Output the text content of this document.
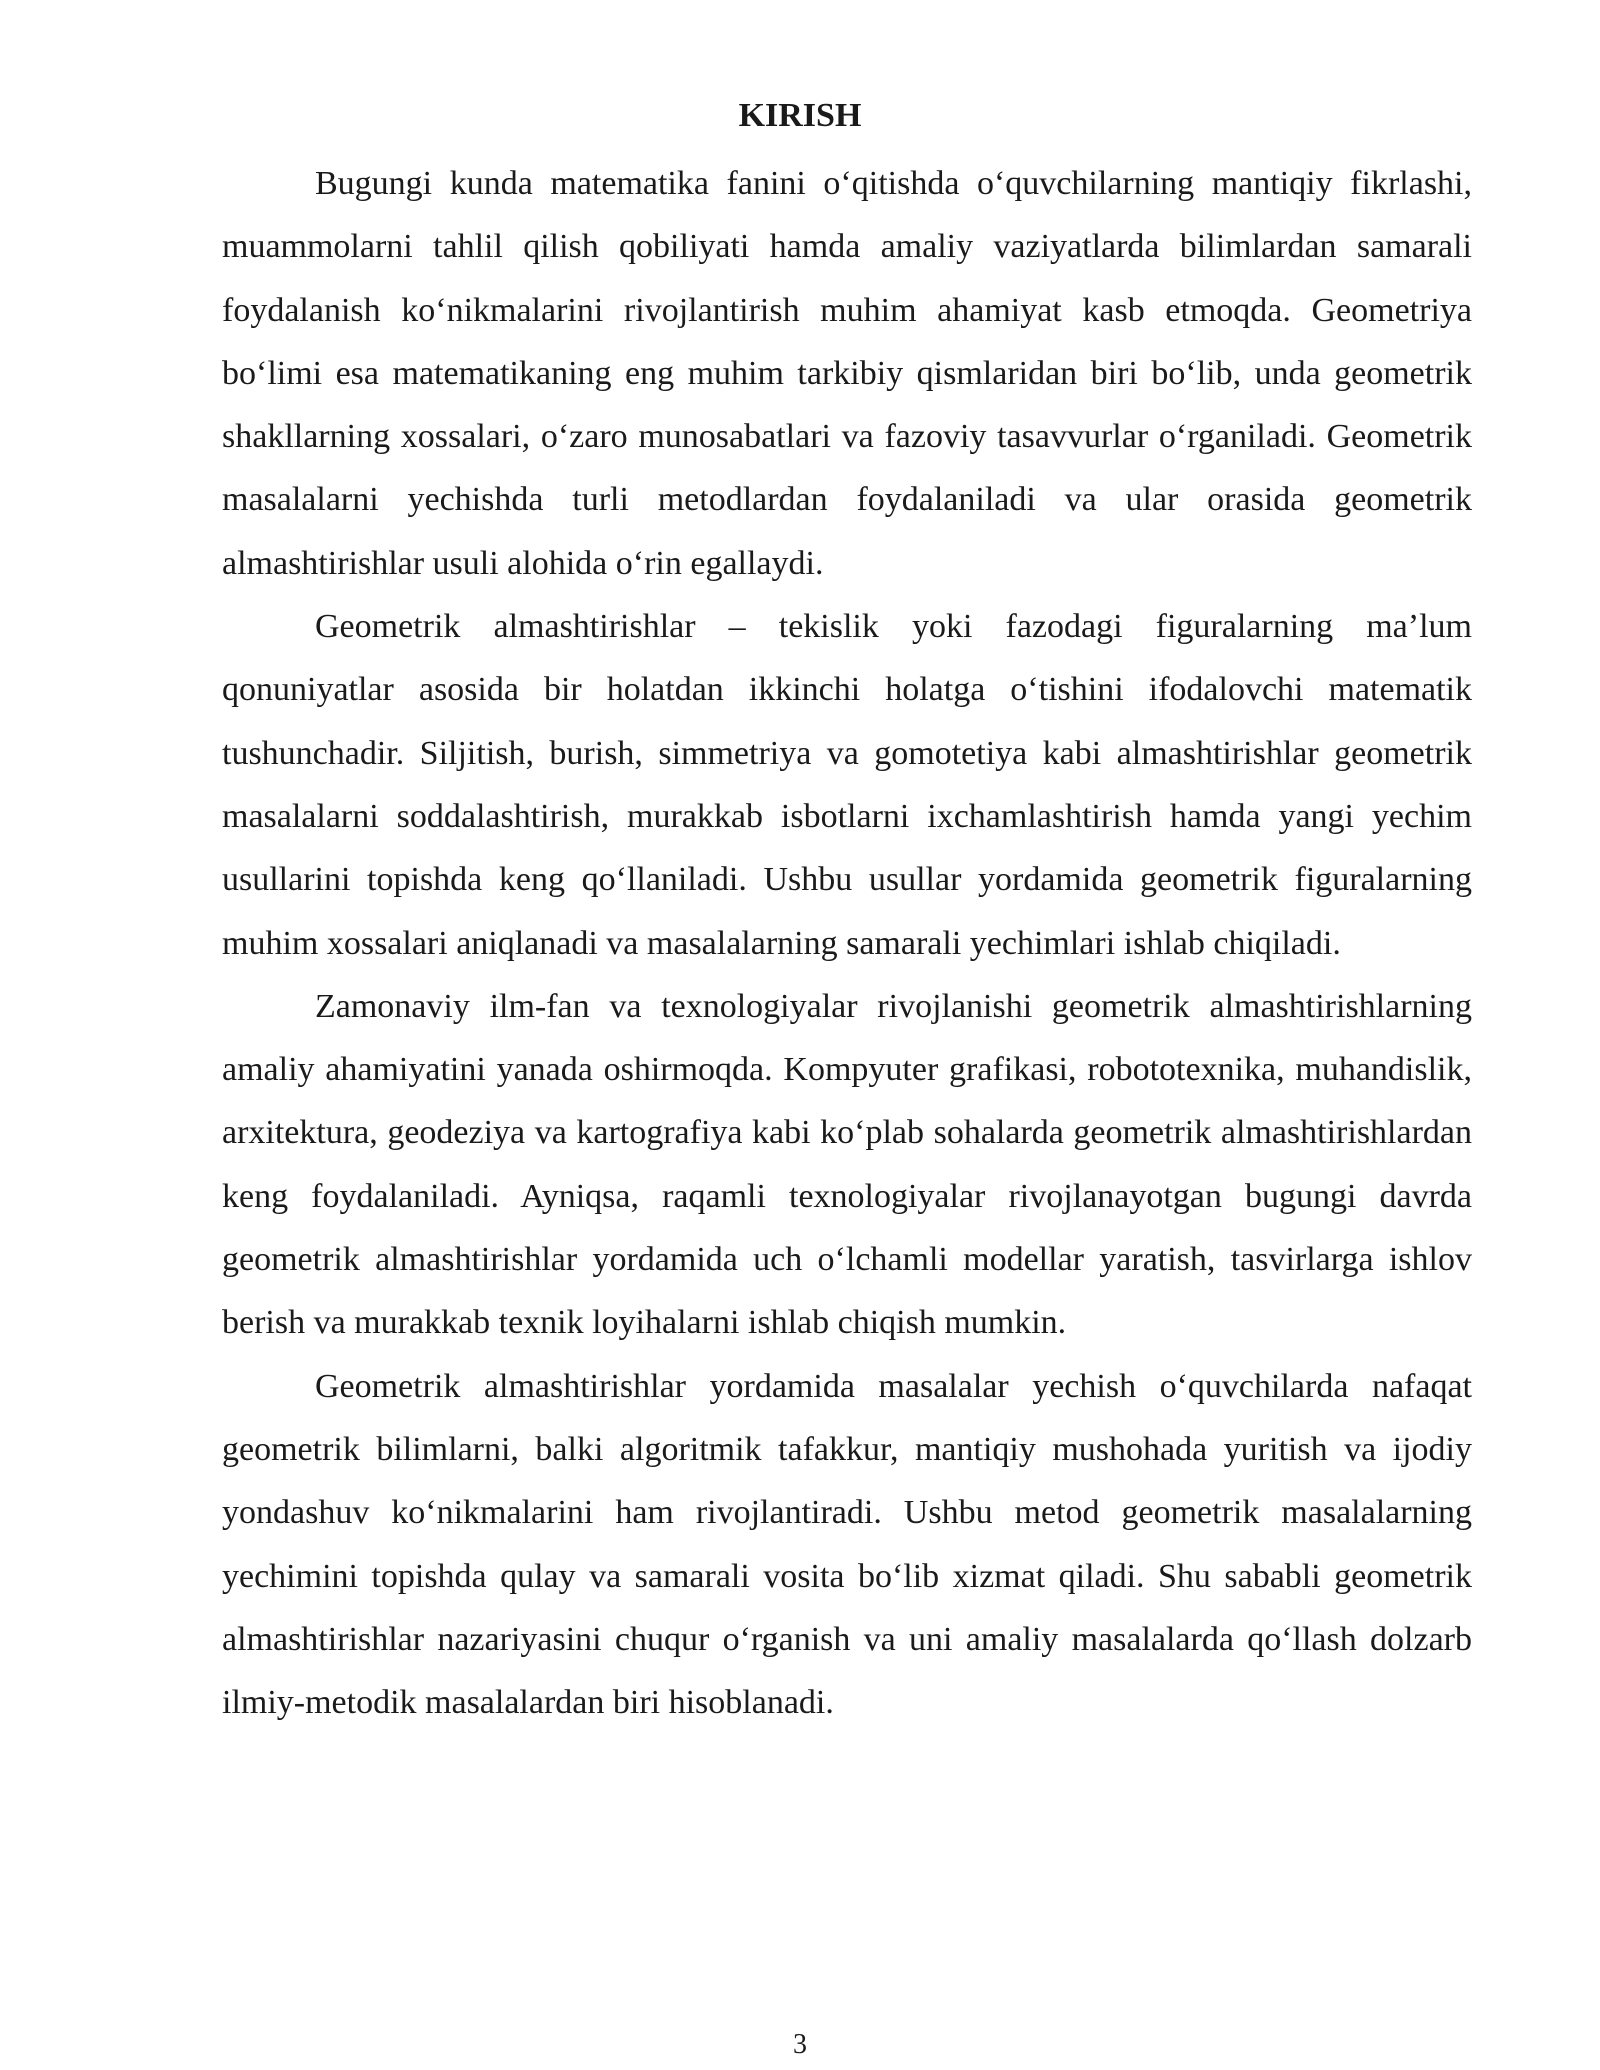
KIRISH

Bugungi kunda matematika fanini o‘qitishda o‘quvchilarning mantiqiy fikrlashi, muammolarni tahlil qilish qobiliyati hamda amaliy vaziyatlarda bilimlardan samarali foydalanish ko‘nikmalarini rivojlantirish muhim ahamiyat kasb etmoqda. Geometriya bo‘limi esa matematikaning eng muhim tarkibiy qismlaridan biri bo‘lib, unda geometrik shakllarning xossalari, o‘zaro munosabatlari va fazoviy tasavvurlar o‘rganiladi. Geometrik masalalarni yechishda turli metodlardan foydalaniladi va ular orasida geometrik almashtirishlar usuli alohida o‘rin egallaydi.

Geometrik almashtirishlar – tekislik yoki fazodagi figuralarning ma’lum qonuniyatlar asosida bir holatdan ikkinchi holatga o‘tishini ifodalovchi matematik tushunchadir. Siljitish, burish, simmetriya va gomotetiya kabi almashtirishlar geometrik masalalarni soddalashtirish, murakkab isbotlarni ixchamlashtirish hamda yangi yechim usullarini topishda keng qo‘llaniladi. Ushbu usullar yordamida geometrik figuralarning muhim xossalari aniqlanadi va masalalarning samarali yechimlari ishlab chiqiladi.

Zamonaviy ilm-fan va texnologiyalar rivojlanishi geometrik almashtirishlarning amaliy ahamiyatini yanada oshirmoqda. Kompyuter grafikasi, robototexnika, muhandislik, arxitektura, geodeziya va kartografiya kabi ko‘plab sohalarda geometrik almashtirishlardan keng foydalaniladi. Ayniqsa, raqamli texnologiyalar rivojlanayotgan bugungi davrda geometrik almashtirishlar yordamida uch o‘lchamli modellar yaratish, tasvirlarga ishlov berish va murakkab texnik loyihalarni ishlab chiqish mumkin.

Geometrik almashtirishlar yordamida masalalar yechish o‘quvchilarda nafaqat geometrik bilimlarni, balki algoritmik tafakkur, mantiqiy mushohada yuritish va ijodiy yondashuv ko‘nikmalarini ham rivojlantiradi. Ushbu metod geometrik masalalarning yechimini topishda qulay va samarali vosita bo‘lib xizmat qiladi. Shu sababli geometrik almashtirishlar nazariyasini chuqur o‘rganish va uni amaliy masalalarda qo‘llash dolzarb ilmiy-metodik masalalardan biri hisoblanadi.

3
